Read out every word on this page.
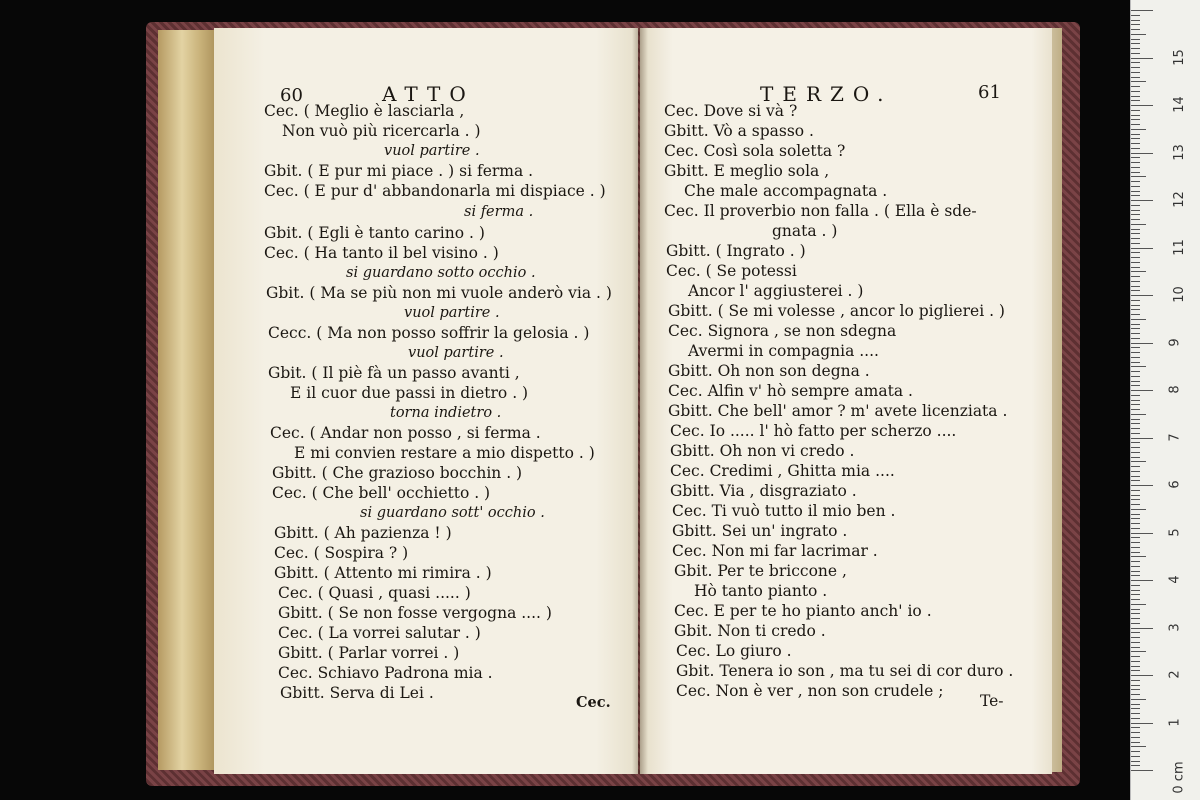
60	ATTO
Cec. ( Meglio è lasciarla ,
Non vuò più ricercarla . )
vuol partire .
Gbit. ( E pur mi piace . ) si ferma .
Cec. ( E pur d' abbandonarla mi dispiace . )
si ferma .
Gbit. ( Egli è tanto carino . )
Cec. ( Ha tanto il bel visino . )
si guardano sotto occhio .
Gbit. ( Ma se più non mi vuole anderò via . )
vuol partire .
Cecc. ( Ma non posso soffrir la gelosia . )
vuol partire .
Gbit. ( Il piè fà un passo avanti ,
E il cuor due passi in dietro . )
torna indietro .
Cec. ( Andar non posso , si ferma .
E mi convien restare a mio dispetto . )
Gbitt. ( Che grazioso bocchin . )
Cec. ( Che bell' occhietto . )
si guardano sott' occhio .
Gbitt. ( Ah pazienza ! )
Cec. ( Sospira ? )
Gbitt. ( Attento mi rimira . )
Cec. ( Quasi , quasi ..... )
Gbitt. ( Se non fosse vergogna .... )
Cec. ( La vorrei salutar . )
Gbitt. ( Parlar vorrei . )
Cec. Schiavo Padrona mia .
Gbitt. Serva di Lei .
Cec.
TERZO.	61
Cec. Dove si và ?
Gbitt. Vò a spasso .
Cec. Così sola soletta ?
Gbitt. E meglio sola ,
Che male accompagnata .
Cec. Il proverbio non falla . ( Ella è sde-
gnata . )
Gbitt. ( Ingrato . )
Cec. ( Se potessi
Ancor l' aggiusterei . )
Gbitt. ( Se mi volesse , ancor lo piglierei . )
Cec. Signora , se non sdegna
Avermi in compagnia ....
Gbitt. Oh non son degna .
Cec. Alfin v' hò sempre amata .
Gbitt. Che bell' amor ? m' avete licenziata .
Cec. Io ..... l' hò fatto per scherzo ....
Gbitt. Oh non vi credo .
Cec. Credimi , Ghitta mia ....
Gbitt. Via , disgraziato .
Cec. Ti vuò tutto il mio ben .
Gbitt. Sei un' ingrato .
Cec. Non mi far lacrimar .
Gbit. Per te briccone ,
Hò tanto pianto .
Cec. E per te ho pianto anch' io .
Gbit. Non ti credo .
Cec. Lo giuro .
Gbit. Tenera io son , ma tu sei di cor duro .
Cec. Non è ver , non son crudele ;
Te-
1
2
3
4
5
6
7
8
9
10
11
12
13
14
15
0 cm
